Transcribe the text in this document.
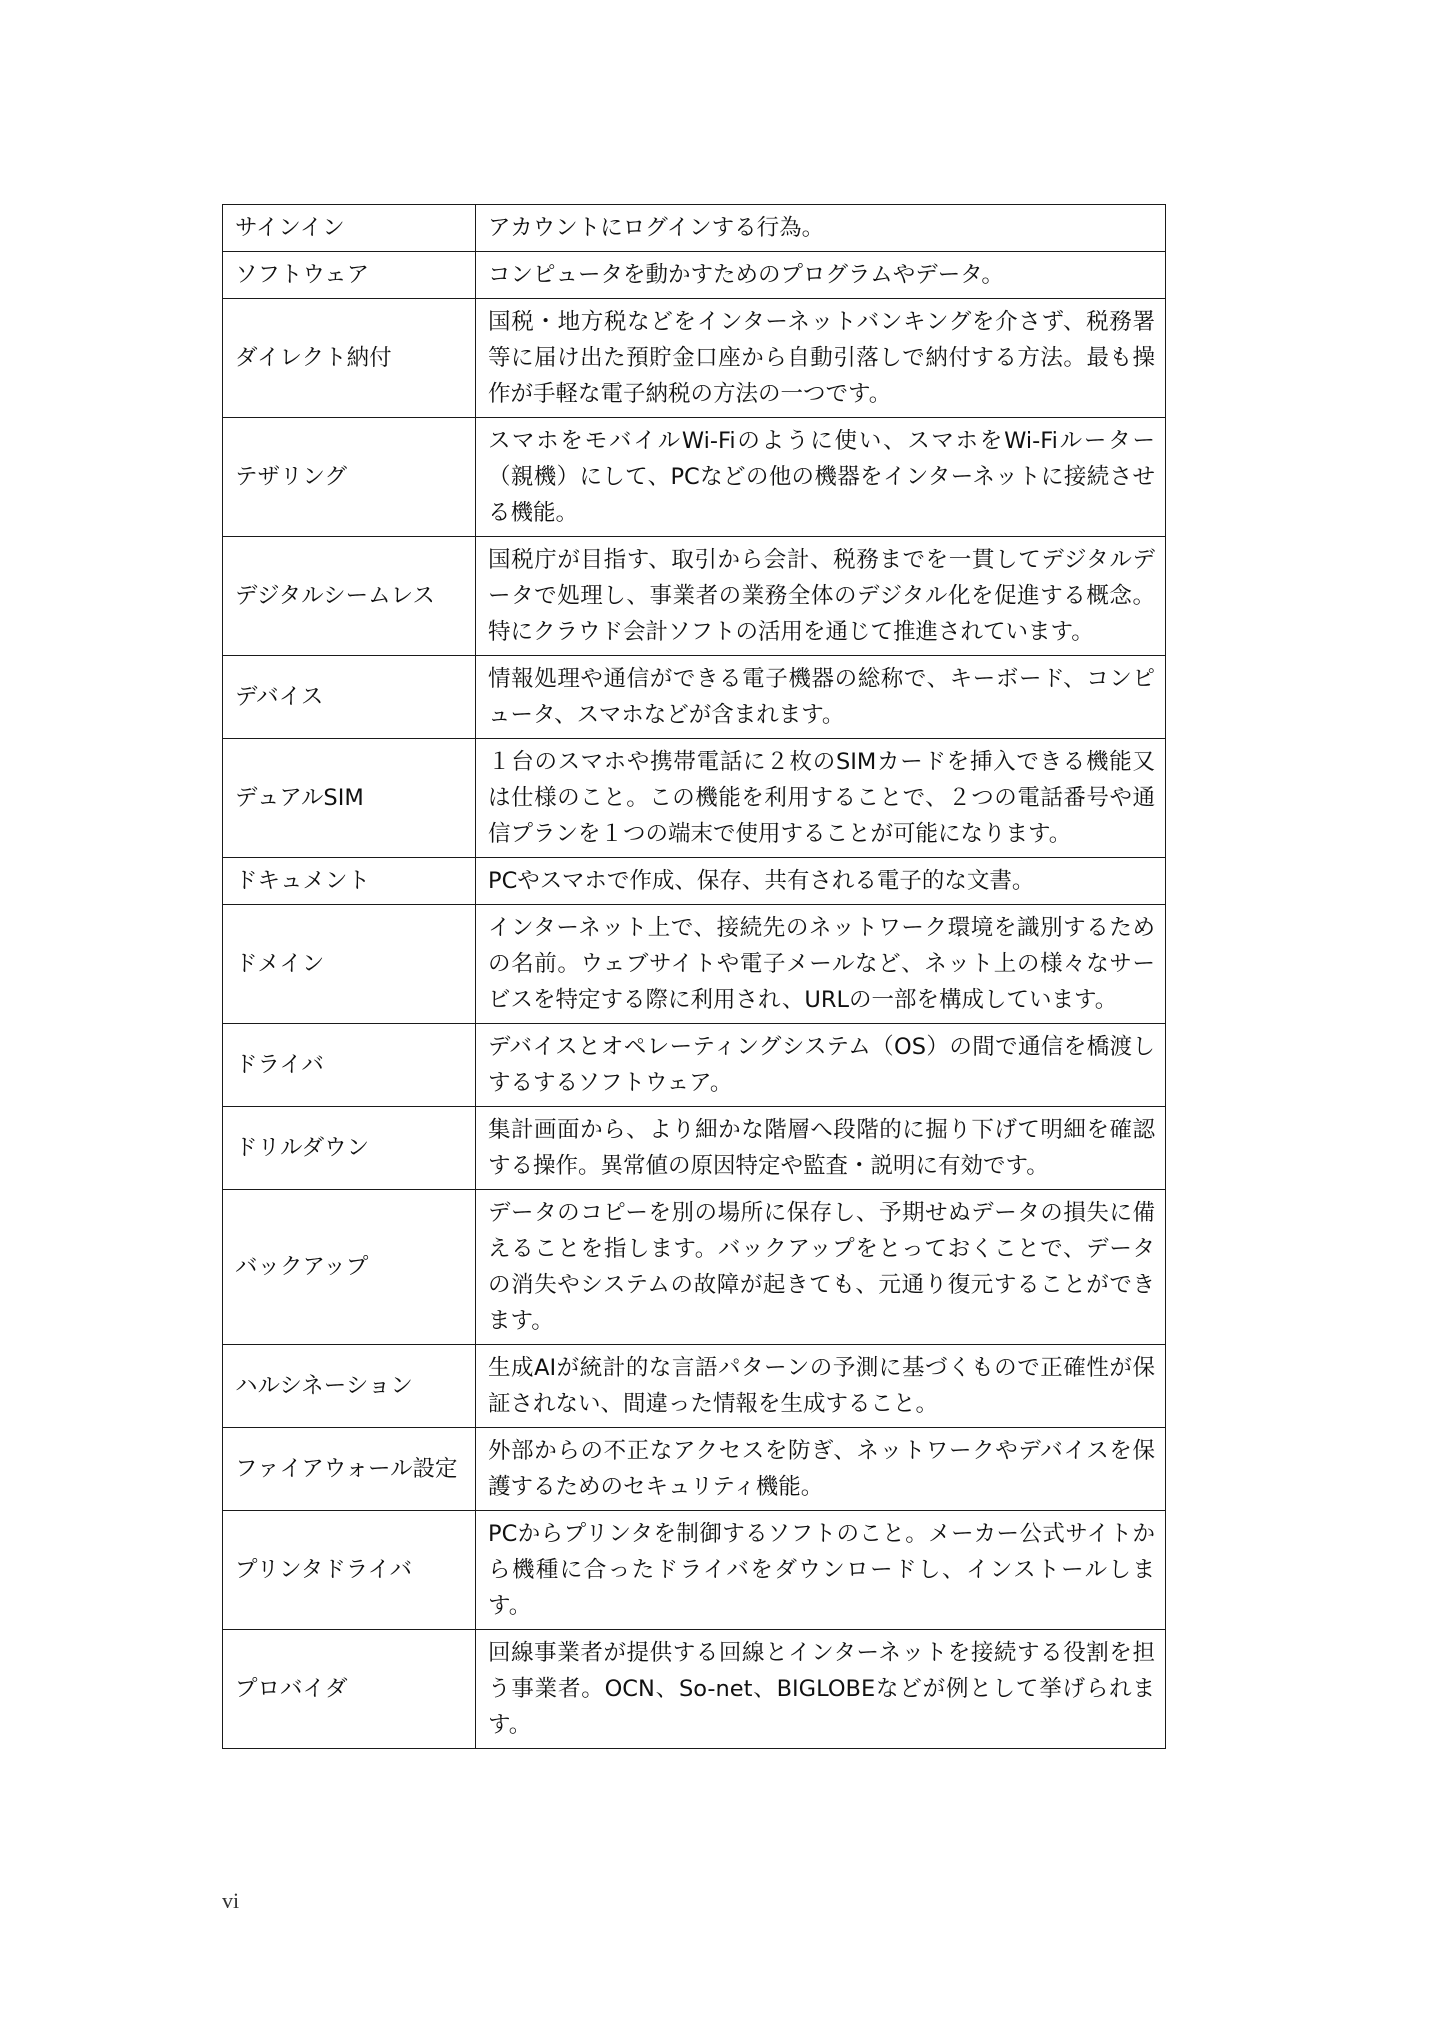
サインイン	アカウントにログインする行為。
ソフトウェア	コンピュータを動かすためのプログラムやデータ。
ダイレクト納付	国税・地方税などをインターネットバンキングを介さず、税務署等に届け出た預貯金口座から自動引落しで納付する方法。最も操作が手軽な電子納税の方法の一つです。
テザリング	スマホをモバイルWi-Fiのように使い、スマホをWi-Fiルーター（親機）にして、PCなどの他の機器をインターネットに接続させる機能。
デジタルシームレス	国税庁が目指す、取引から会計、税務までを一貫してデジタルデータで処理し、事業者の業務全体のデジタル化を促進する概念。特にクラウド会計ソフトの活用を通じて推進されています。
デバイス	情報処理や通信ができる電子機器の総称で、キーボード、コンピュータ、スマホなどが含まれます。
デュアルSIM	１台のスマホや携帯電話に２枚のSIMカードを挿入できる機能又は仕様のこと。この機能を利用することで、２つの電話番号や通信プランを１つの端末で使用することが可能になります。
ドキュメント	PCやスマホで作成、保存、共有される電子的な文書。
ドメイン	インターネット上で、接続先のネットワーク環境を識別するための名前。ウェブサイトや電子メールなど、ネット上の様々なサービスを特定する際に利用され、URLの一部を構成しています。
ドライバ	デバイスとオペレーティングシステム（OS）の間で通信を橋渡しするするソフトウェア。
ドリルダウン	集計画面から、より細かな階層へ段階的に掘り下げて明細を確認する操作。異常値の原因特定や監査・説明に有効です。
バックアップ	データのコピーを別の場所に保存し、予期せぬデータの損失に備えることを指します。バックアップをとっておくことで、データの消失やシステムの故障が起きても、元通り復元することができます。
ハルシネーション	生成AIが統計的な言語パターンの予測に基づくもので正確性が保証されない、間違った情報を生成すること。
ファイアウォール設定	外部からの不正なアクセスを防ぎ、ネットワークやデバイスを保護するためのセキュリティ機能。
プリンタドライバ	PCからプリンタを制御するソフトのこと。メーカー公式サイトから機種に合ったドライバをダウンロードし、インストールします。
プロバイダ	回線事業者が提供する回線とインターネットを接続する役割を担う事業者。OCN、So-net、BIGLOBEなどが例として挙げられます。
vi
